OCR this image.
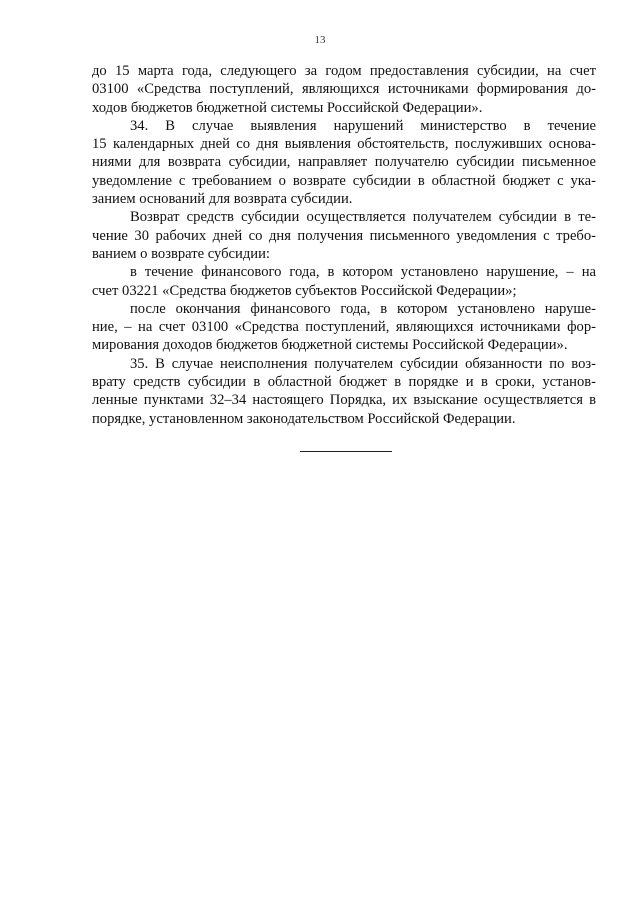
13
до 15 марта года, следующего за годом предоставления субсидии, на счет
03100 «Средства поступлений, являющихся источниками формирования до-
ходов бюджетов бюджетной системы Российской Федерации».
34. В случае выявления нарушений министерство в течение
15 календарных дней со дня выявления обстоятельств, послуживших основа-
ниями для возврата субсидии, направляет получателю субсидии письменное
уведомление с требованием о возврате субсидии в областной бюджет с ука-
занием оснований для возврата субсидии.
Возврат средств субсидии осуществляется получателем субсидии в те-
чение 30 рабочих дней со дня получения письменного уведомления с требо-
ванием о возврате субсидии:
в течение финансового года, в котором установлено нарушение, – на
счет 03221 «Средства бюджетов субъектов Российской Федерации»;
после окончания финансового года, в котором установлено наруше-
ние, – на счет 03100 «Средства поступлений, являющихся источниками фор-
мирования доходов бюджетов бюджетной системы Российской Федерации».
35. В случае неисполнения получателем субсидии обязанности по воз-
врату средств субсидии в областной бюджет в порядке и в сроки, установ-
ленные пунктами 32–34 настоящего Порядка, их взыскание осуществляется в
порядке, установленном законодательством Российской Федерации.
